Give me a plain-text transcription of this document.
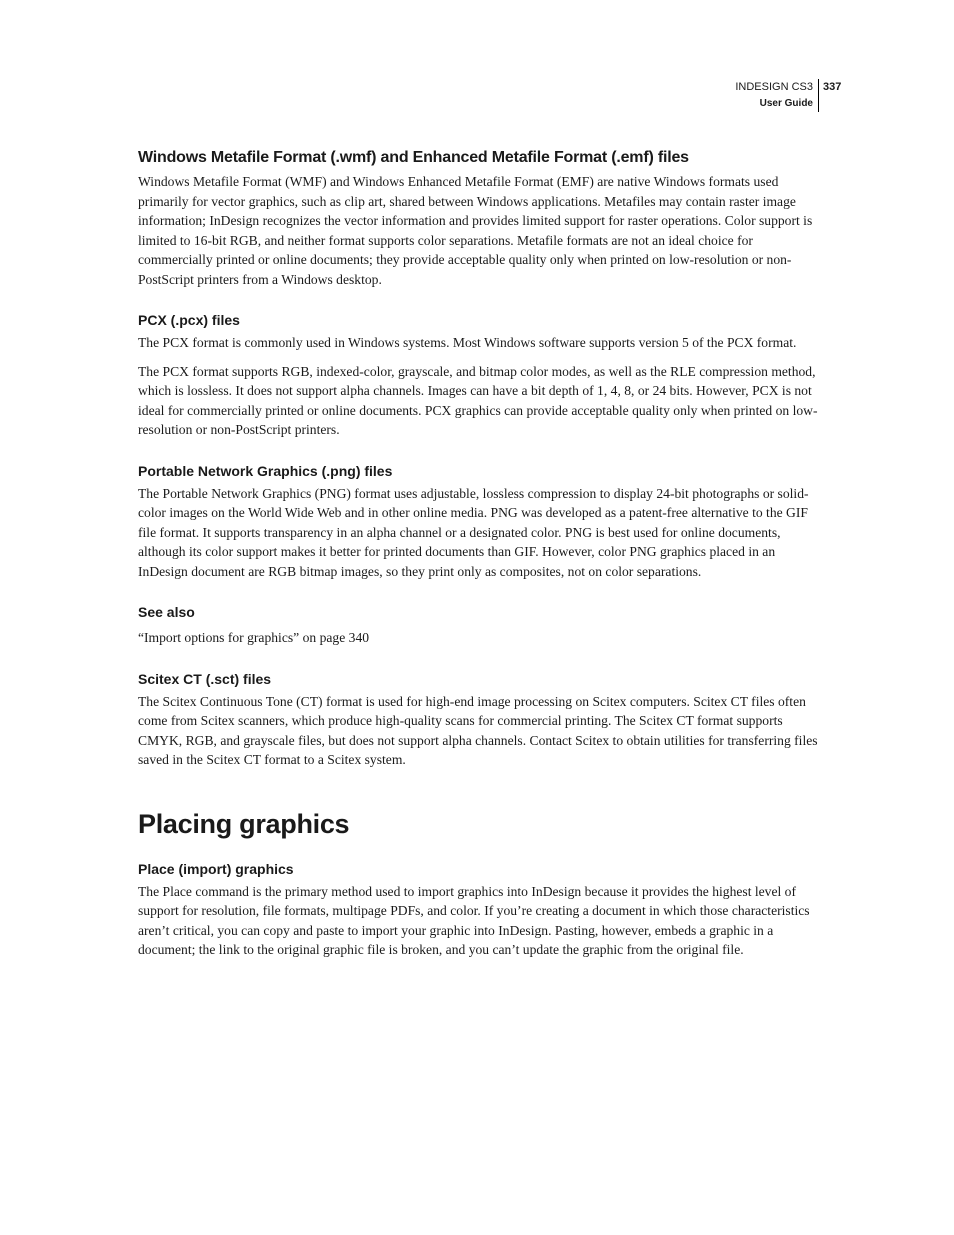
INDESIGN CS3
User Guide337
Windows Metafile Format (.wmf) and Enhanced Metafile Format (.emf) files

Windows Metafile Format (WMF) and Windows Enhanced Metafile Format (EMF) are native Windows formats used primarily for vector graphics, such as clip art, shared between Windows applications. Metafiles may contain raster image information; InDesign recognizes the vector information and provides limited support for raster operations. Color support is limited to 16-bit RGB, and neither format supports color separations. Metafile formats are not an ideal choice for commercially printed or online documents; they provide acceptable quality only when printed on low-resolution or non-PostScript printers from a Windows desktop.

PCX (.pcx) files

The PCX format is commonly used in Windows systems. Most Windows software supports version 5 of the PCX format.

The PCX format supports RGB, indexed-color, grayscale, and bitmap color modes, as well as the RLE compression method, which is lossless. It does not support alpha channels. Images can have a bit depth of 1, 4, 8, or 24 bits. However, PCX is not ideal for commercially printed or online documents. PCX graphics can provide acceptable quality only when printed on low-resolution or non-PostScript printers.

Portable Network Graphics (.png) files

The Portable Network Graphics (PNG) format uses adjustable, lossless compression to display 24-bit photographs or solid-color images on the World Wide Web and in other online media. PNG was developed as a patent-free alternative to the GIF file format. It supports transparency in an alpha channel or a designated color. PNG is best used for online documents, although its color support makes it better for printed documents than GIF. However, color PNG graphics placed in an InDesign document are RGB bitmap images, so they print only as composites, not on color separations.

See also

“Import options for graphics” on page 340

Scitex CT (.sct) files

The Scitex Continuous Tone (CT) format is used for high-end image processing on Scitex computers. Scitex CT files often come from Scitex scanners, which produce high-quality scans for commercial printing. The Scitex CT format supports CMYK, RGB, and grayscale files, but does not support alpha channels. Contact Scitex to obtain utilities for transferring files saved in the Scitex CT format to a Scitex system.

Placing graphics
Place (import) graphics

The Place command is the primary method used to import graphics into InDesign because it provides the highest level of support for resolution, file formats, multipage PDFs, and color. If you’re creating a document in which those characteristics aren’t critical, you can copy and paste to import your graphic into InDesign. Pasting, however, embeds a graphic in a document; the link to the original graphic file is broken, and you can’t update the graphic from the original file.
